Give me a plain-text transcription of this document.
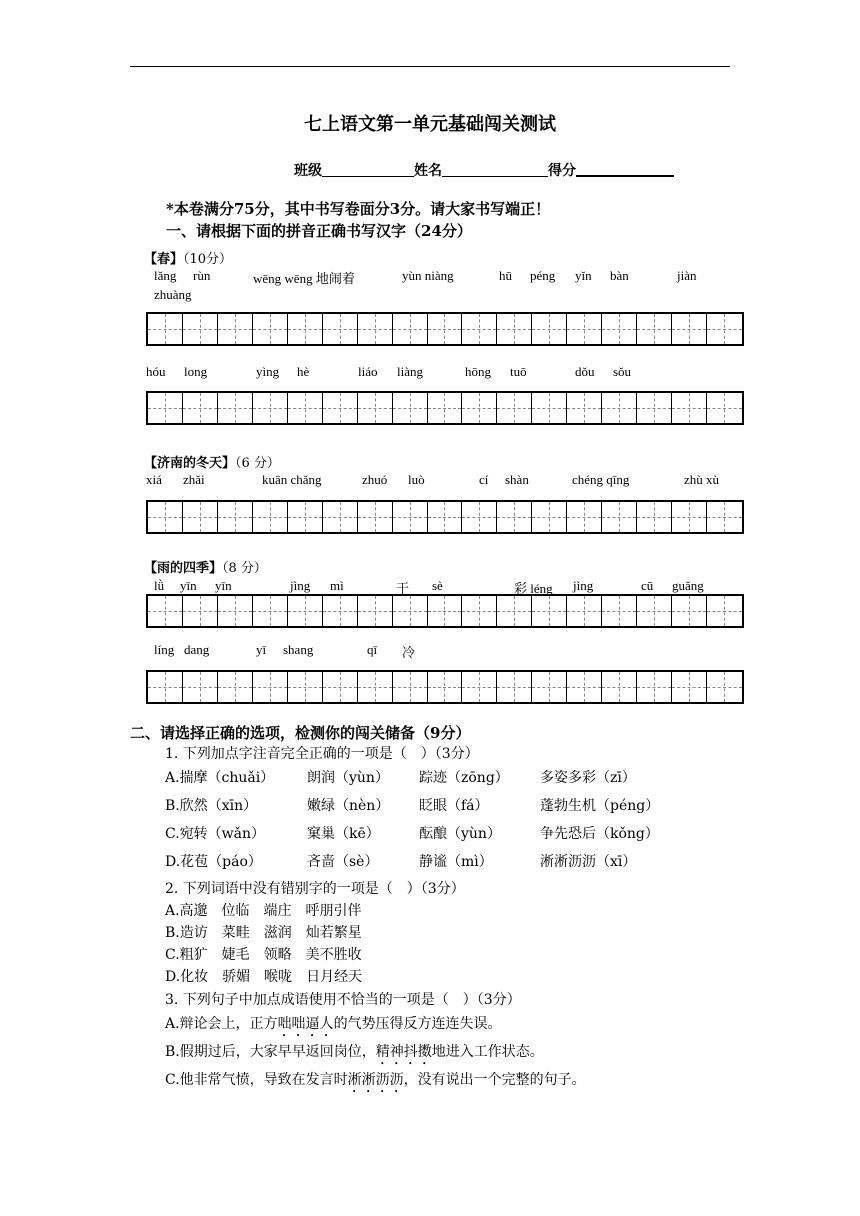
七上语文第一单元基础闯关测试
班级	姓名	得分
*本卷满分75分，其中书写卷面分3分。请大家书写端正！
一、请根据下面的拼音正确书写汉字（24分）
【春】（10分）
lǎng rùn	wēng wēng 地闹着	yùn niàng	hū péng yǐn bàn	jiàn
zhuàng
hóu long	yìng hè	liáo liàng	hōng tuō	dǒu sǒu
【济南的冬天】（6 分）
xiá zhǎi	kuān chǎng	zhuó luò	cí shàn	chéng qīng	zhù xù
【雨的四季】（8 分）
lǜ yīn yīn	jìng mì	干 sè	彩 léng jìng	cū guǎng
líng dang	yī shang	qī 冷
二、请选择正确的选项，检测你的闯关储备（9分）
1. 下列加点字注音完全正确的一项是（　）（3分）
A.揣摩（chuǎi） 朗润（yùn） 踪迹（zōng） 多姿多彩（zī）
B.欣然（xīn）	嫩绿（nèn） 眨眼（fá）	蓬勃生机（péng）
C.宛转（wǎn）	窠巢（kē）	酝酿（yùn）	争先恐后（kǒng）
D.花苞（páo）	吝啬（sè）	静谧（mì）	淅淅沥沥（xī）
2. 下列词语中没有错别字的一项是（　）（3分）
A.高邈　位临　端庄　呼朋引伴
B.造访　菜畦　滋润　灿若繁星
C.粗犷　婕毛　领略　美不胜收
D.化妆　骄媚　喉咙　日月经天
3. 下列句子中加点成语使用不恰当的一项是（　）（3分）
A.辩论会上，正方咄咄逼人的气势压得反方连连失误。
B.假期过后，大家早早返回岗位，精神抖擞地进入工作状态。
C.他非常气愤，导致在发言时淅淅沥沥，没有说出一个完整的句子。
